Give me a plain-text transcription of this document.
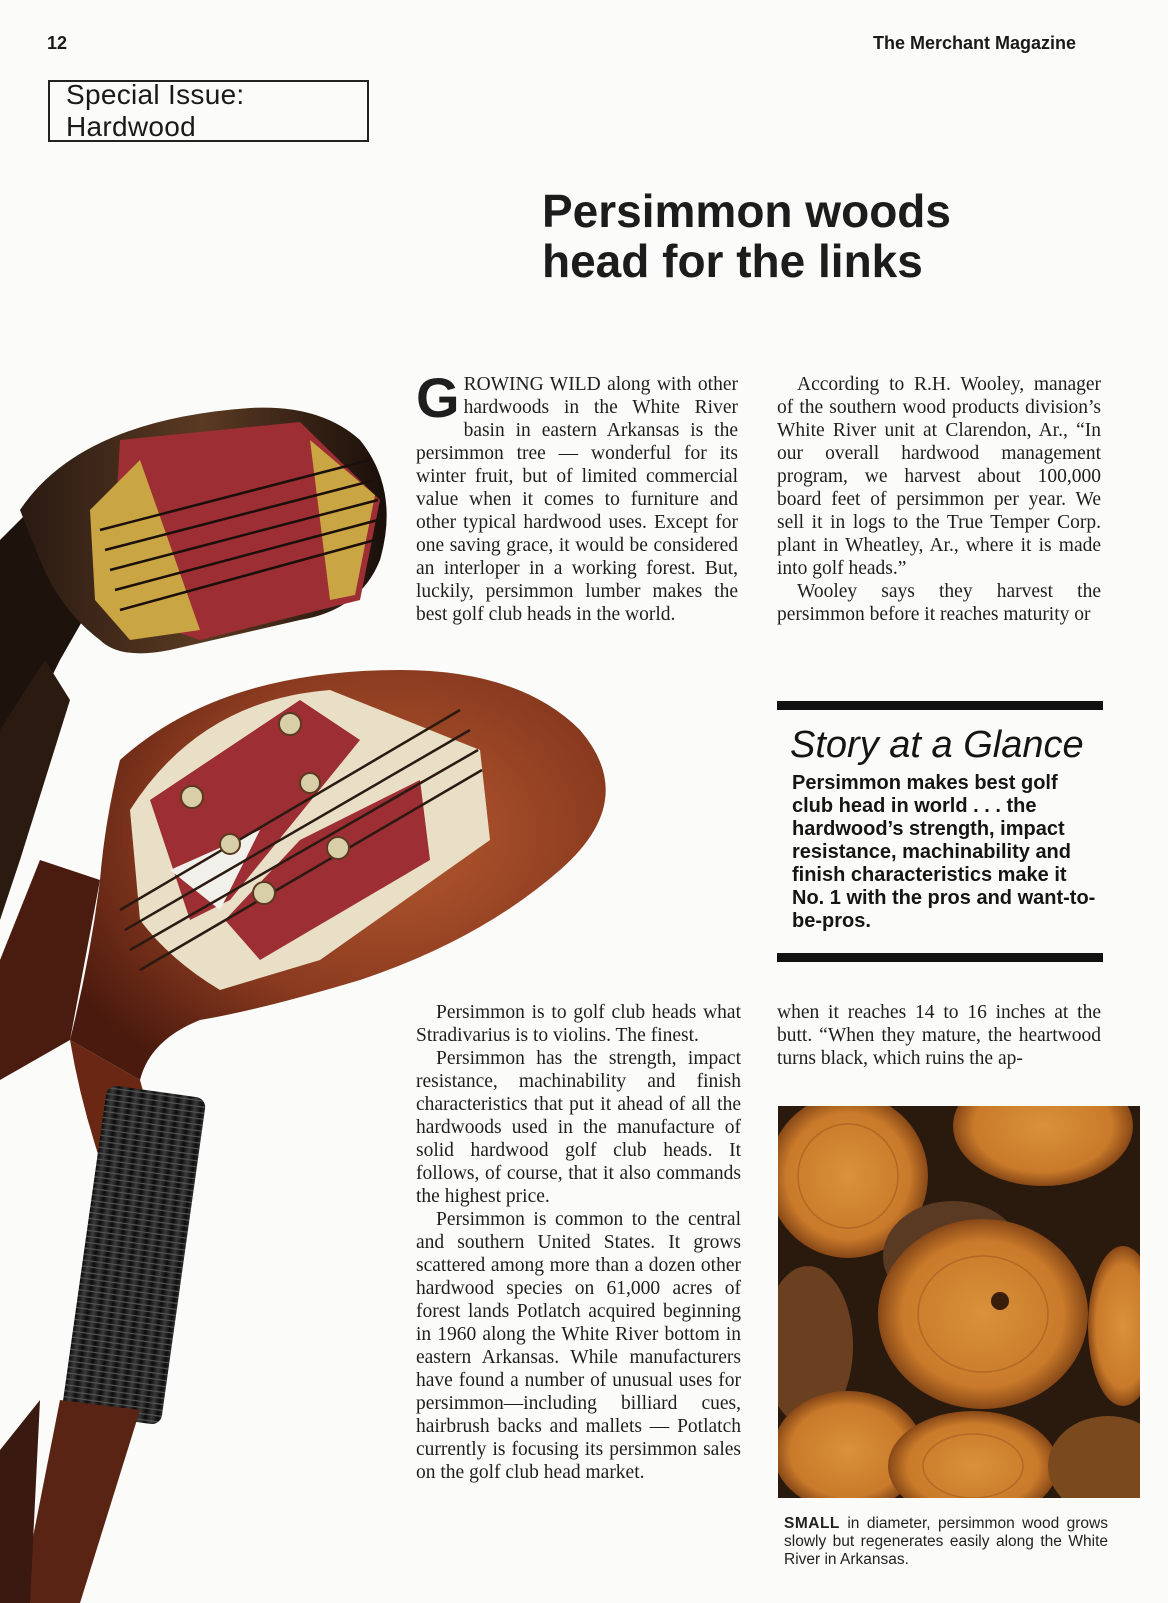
12	The Merchant Magazine
Special Issue: Hardwood
Persimmon woods
head for the links

GROWING WILD along with other hardwoods in the White River basin in eastern Arkansas is the persimmon tree — wonderful for its winter fruit, but of limited commercial value when it comes to furniture and other typical hardwood uses. Except for one saving grace, it would be considered an interloper in a working forest. But, luckily, persimmon lumber makes the best golf club heads in the world.

According to R.H. Wooley, manager of the southern wood products division’s White River unit at Clarendon, Ar., “In our overall hardwood management program, we harvest about 100,000 board feet of persimmon per year. We sell it in logs to the True Temper Corp. plant in Wheatley, Ar., where it is made into golf heads.”

Wooley says they harvest the persimmon before it reaches maturity or

Story at a Glance
Persimmon makes best golf club head in world . . . the hardwood’s strength, impact resistance, machinability and finish characteristics make it No. 1 with the pros and want-to-be-pros.

Persimmon is to golf club heads what Stradivarius is to violins. The finest.

Persimmon has the strength, impact resistance, machinability and finish characteristics that put it ahead of all the hardwoods used in the manufacture of solid hardwood golf club heads. It follows, of course, that it also commands the highest price.

Persimmon is common to the central and southern United States. It grows scattered among more than a dozen other hardwood species on 61,000 acres of forest lands Potlatch acquired beginning in 1960 along the White River bottom in eastern Arkansas. While manufacturers have found a number of unusual uses for persimmon—including billiard cues, hairbrush backs and mallets — Potlatch currently is focusing its persimmon sales on the golf club head market.

when it reaches 14 to 16 inches at the butt. “When they mature, the heartwood turns black, which ruins the ap-

SMALL in diameter, persimmon wood grows slowly but regenerates easily along the White River in Arkansas.
